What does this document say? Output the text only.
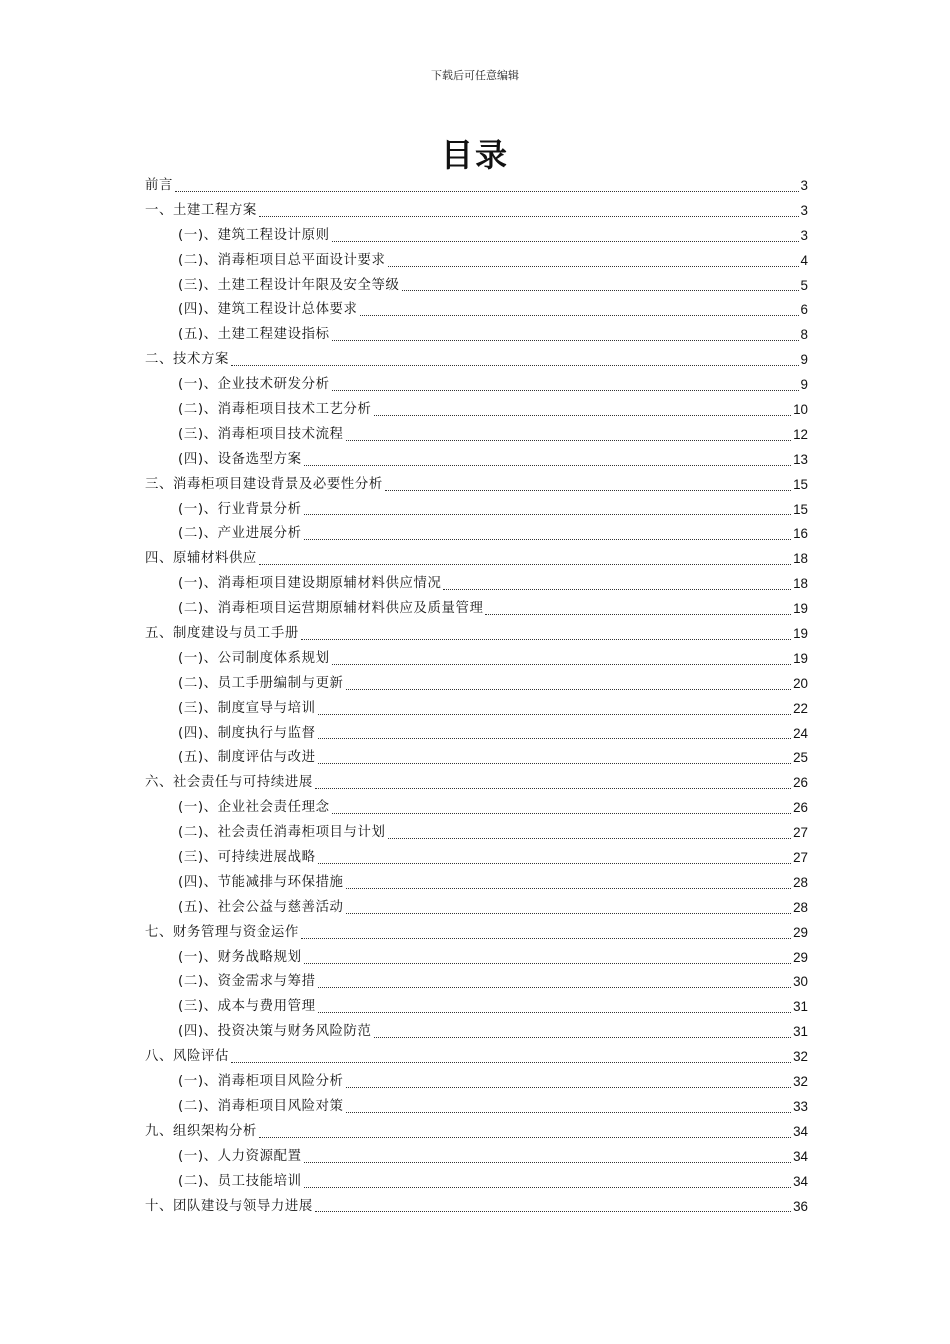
下载后可任意编辑
目录
前言	3
一、土建工程方案	3
(一)、建筑工程设计原则	3
(二)、消毒柜项目总平面设计要求	4
(三)、土建工程设计年限及安全等级	5
(四)、建筑工程设计总体要求	6
(五)、土建工程建设指标	8
二、技术方案	9
(一)、企业技术研发分析	9
(二)、消毒柜项目技术工艺分析	10
(三)、消毒柜项目技术流程	12
(四)、设备选型方案	13
三、消毒柜项目建设背景及必要性分析	15
(一)、行业背景分析	15
(二)、产业进展分析	16
四、原辅材料供应	18
(一)、消毒柜项目建设期原辅材料供应情况	18
(二)、消毒柜项目运营期原辅材料供应及质量管理	19
五、制度建设与员工手册	19
(一)、公司制度体系规划	19
(二)、员工手册编制与更新	20
(三)、制度宣导与培训	22
(四)、制度执行与监督	24
(五)、制度评估与改进	25
六、社会责任与可持续进展	26
(一)、企业社会责任理念	26
(二)、社会责任消毒柜项目与计划	27
(三)、可持续进展战略	27
(四)、节能减排与环保措施	28
(五)、社会公益与慈善活动	28
七、财务管理与资金运作	29
(一)、财务战略规划	29
(二)、资金需求与筹措	30
(三)、成本与费用管理	31
(四)、投资决策与财务风险防范	31
八、风险评估	32
(一)、消毒柜项目风险分析	32
(二)、消毒柜项目风险对策	33
九、组织架构分析	34
(一)、人力资源配置	34
(二)、员工技能培训	34
十、团队建设与领导力进展	36
